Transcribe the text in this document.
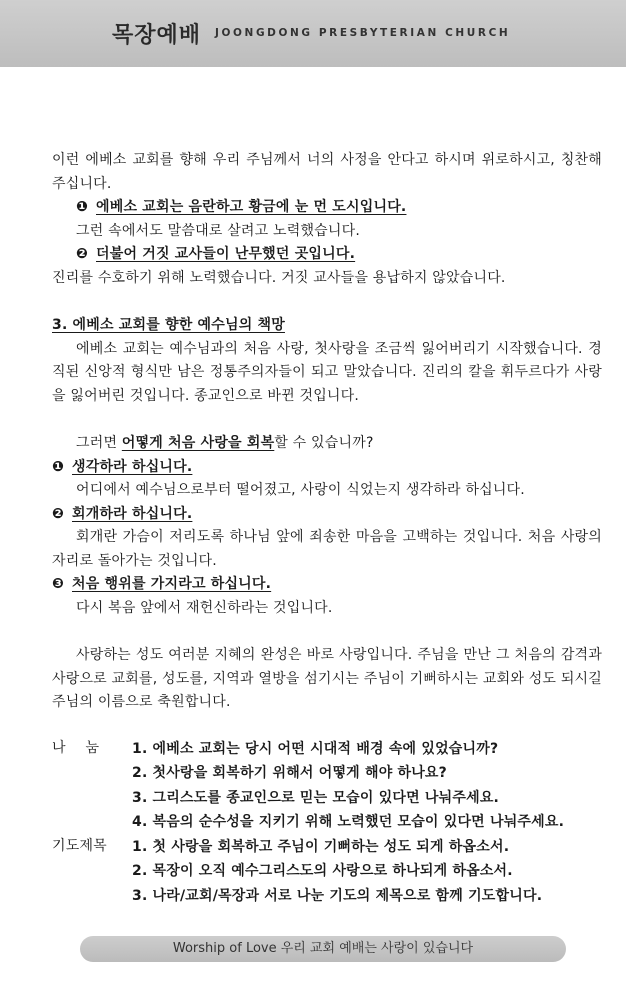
목장예배 JOONGDONG PRESBYTERIAN CHURCH

이런 에베소 교회를 향해 우리 주님께서 너의 사정을 안다고 하시며 위로하시고, 칭찬해 주십니다.

❶ 에베소 교회는 음란하고 황금에 눈 먼 도시입니다.

그런 속에서도 말씀대로 살려고 노력했습니다.

❷ 더불어 거짓 교사들이 난무했던 곳입니다.

진리를 수호하기 위해 노력했습니다. 거짓 교사들을 용납하지 않았습니다.

3. 에베소 교회를 향한 예수님의 책망

에베소 교회는 예수님과의 처음 사랑, 첫사랑을 조금씩 잃어버리기 시작했습니다. 경직된 신앙적 형식만 남은 정통주의자들이 되고 말았습니다. 진리의 칼을 휘두르다가 사랑을 잃어버린 것입니다. 종교인으로 바뀐 것입니다.

그러면 어떻게 처음 사랑을 회복할 수 있습니까?

❶ 생각하라 하십니다.

어디에서 예수님으로부터 떨어졌고, 사랑이 식었는지 생각하라 하십니다.

❷ 회개하라 하십니다.

회개란 가슴이 저리도록 하나님 앞에 죄송한 마음을 고백하는 것입니다. 처음 사랑의 자리로 돌아가는 것입니다.

❸ 처음 행위를 가지라고 하십니다.

다시 복음 앞에서 재헌신하라는 것입니다.

사랑하는 성도 여러분 지혜의 완성은 바로 사랑입니다. 주님을 만난 그 처음의 감격과 사랑으로 교회를, 성도를, 지역과 열방을 섬기시는 주님이 기뻐하시는 교회와 성도 되시길 주님의 이름으로 축원합니다.

나눔 1. 에베소 교회는 당시 어떤 시대적 배경 속에 있었습니까?
2. 첫사랑을 회복하기 위해서 어떻게 해야 하나요?
3. 그리스도를 종교인으로 믿는 모습이 있다면 나눠주세요.
4. 복음의 순수성을 지키기 위해 노력했던 모습이 있다면 나눠주세요.
기도제목	1. 첫 사랑을 회복하고 주님이 기뻐하는 성도 되게 하옵소서.
2. 목장이 오직 예수그리스도의 사랑으로 하나되게 하옵소서.
3. 나라/교회/목장과 서로 나눈 기도의 제목으로 함께 기도합니다.
Worship of Love 우리 교회 예배는 사랑이 있습니다
